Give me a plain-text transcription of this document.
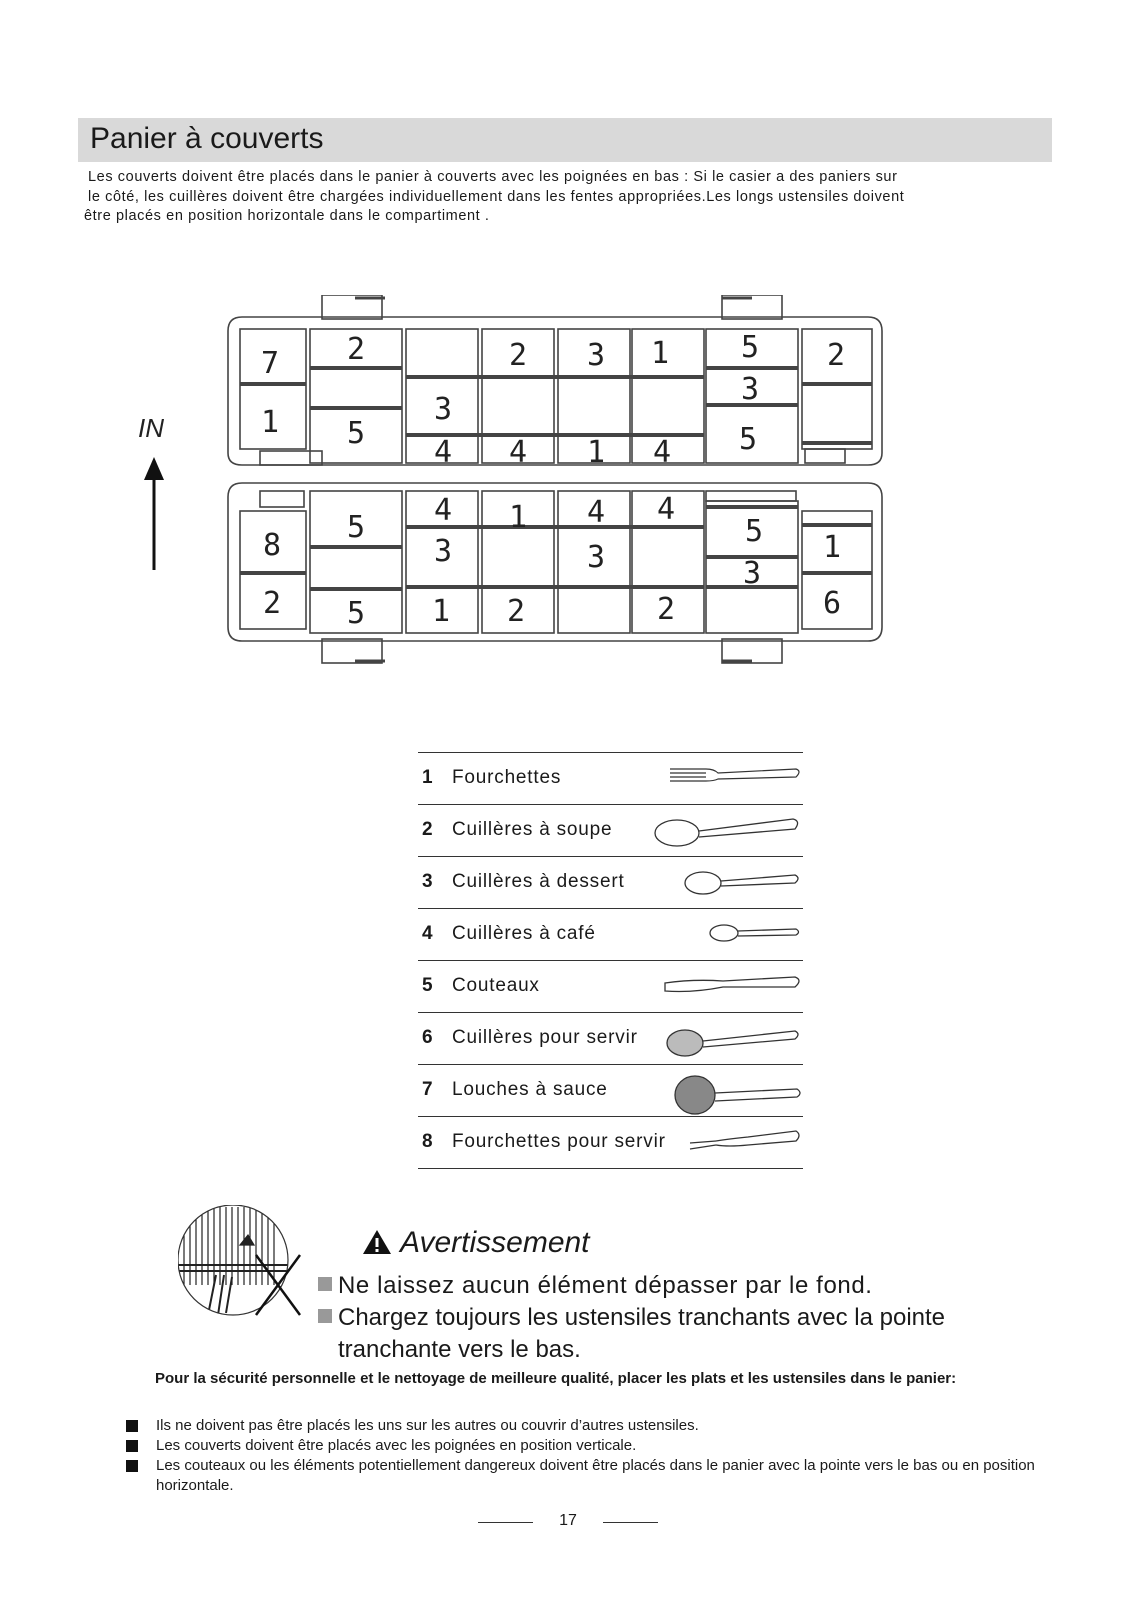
Panier à couverts
Les couverts doivent être placés dans le panier à couverts avec les poignées en bas : Si le casier a des paniers sur
le côté, les cuillères doivent être chargées individuellement dans les fentes appropriées.Les longs ustensiles doivent
être placés en position horizontale dans le compartiment .
IN
7
1
2
5
3
4
2
4
3
1
1
4
5
3
5
2
8
2
5
5
4
3
1
1
2
4
3
4
2
5
3
1
6
1 Fourchettes
2 Cuillères à soupe
3 Cuillères à dessert
4 Cuillères à café
5 Couteaux
6 Cuillères pour servir
7 Louches à sauce
8 Fourchettes pour servir
Avertissement
Ne laissez aucun élément dépasser par le fond.
Chargez toujours les ustensiles tranchants avec la pointe
tranchante vers le bas.
Pour la sécurité personnelle et le nettoyage de meilleure qualité, placer les plats et les ustensiles dans le panier:
Ils ne doivent pas être placés les uns sur les autres ou couvrir d’autres ustensiles.
Les couverts doivent être placés avec les poignées en position verticale.
Les couteaux ou les éléments potentiellement dangereux doivent être placés dans le panier avec la pointe vers le bas ou en position horizontale.
17
